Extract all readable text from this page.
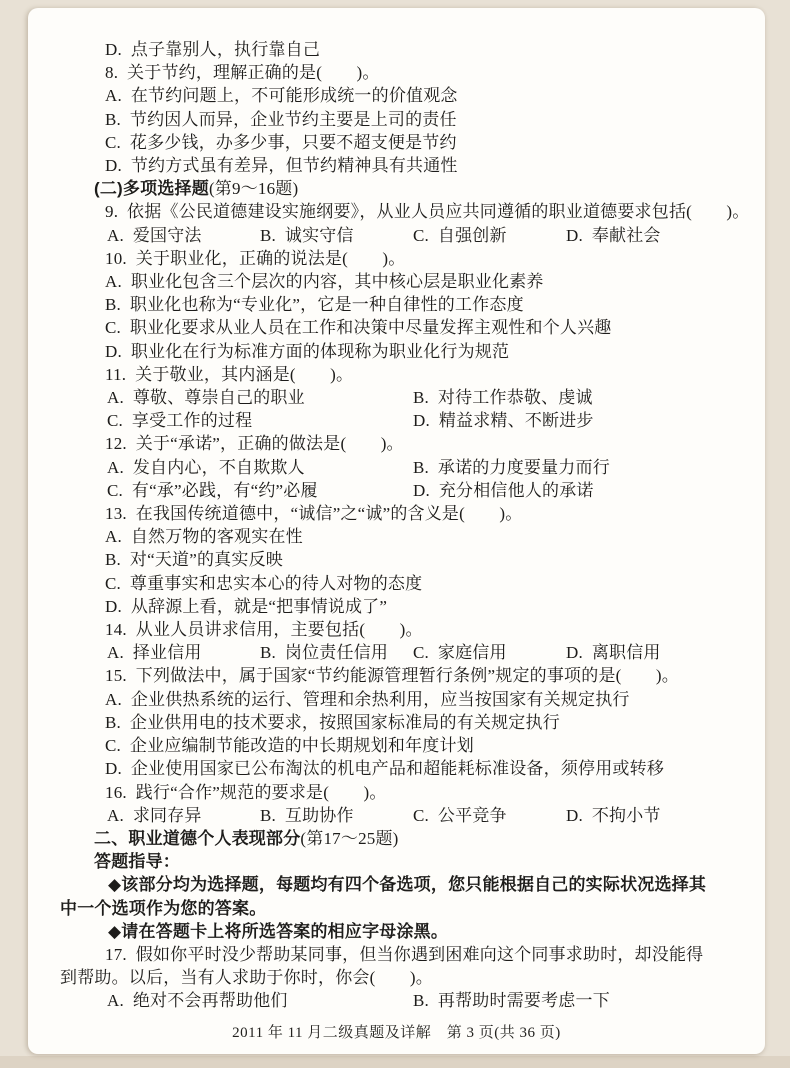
D.  点子靠别人，执行靠自己
8.  关于节约，理解正确的是(　　)。
A.  在节约问题上，不可能形成统一的价值观念
B.  节约因人而异，企业节约主要是上司的责任
C.  花多少钱，办多少事，只要不超支便是节约
D.  节约方式虽有差异，但节约精神具有共通性
(二)多项选择题(第9～16题)
9.  依据《公民道德建设实施纲要》，从业人员应共同遵循的职业道德要求包括(　　)。
A.  爱国守法	B.  诚实守信	C.  自强创新	D.  奉献社会
10.  关于职业化，正确的说法是(　　)。
A.  职业化包含三个层次的内容，其中核心层是职业化素养
B.  职业化也称为“专业化”，它是一种自律性的工作态度
C.  职业化要求从业人员在工作和决策中尽量发挥主观性和个人兴趣
D.  职业化在行为标准方面的体现称为职业化行为规范
11.  关于敬业，其内涵是(　　)。
A.  尊敬、尊崇自己的职业	B.  对待工作恭敬、虔诚
C.  享受工作的过程	D.  精益求精、不断进步
12.  关于“承诺”，正确的做法是(　　)。
A.  发自内心，不自欺欺人	B.  承诺的力度要量力而行
C.  有“承”必践，有“约”必履	D.  充分相信他人的承诺
13.  在我国传统道德中，“诚信”之“诚”的含义是(　　)。
A.  自然万物的客观实在性
B.  对“天道”的真实反映
C.  尊重事实和忠实本心的待人对物的态度
D.  从辞源上看，就是“把事情说成了”
14.  从业人员讲求信用，主要包括(　　)。
A.  择业信用	B.  岗位责任信用	C.  家庭信用	D.  离职信用
15.  下列做法中，属于国家“节约能源管理暂行条例”规定的事项的是(　　)。
A.  企业供热系统的运行、管理和余热利用，应当按国家有关规定执行
B.  企业供用电的技术要求，按照国家标准局的有关规定执行
C.  企业应编制节能改造的中长期规划和年度计划
D.  企业使用国家已公布淘汰的机电产品和超能耗标准设备，须停用或转移
16.  践行“合作”规范的要求是(　　)。
A.  求同存异	B.  互助协作	C.  公平竞争	D.  不拘小节
二、职业道德个人表现部分(第17～25题)
答题指导：
◆该部分均为选择题，每题均有四个备选项，您只能根据自己的实际状况选择其中一个选项作为您的答案。
◆请在答题卡上将所选答案的相应字母涂黑。
17.  假如你平时没少帮助某同事，但当你遇到困难向这个同事求助时，却没能得到帮助。以后，当有人求助于你时，你会(　　)。
A.  绝对不会再帮助他们	B.  再帮助时需要考虑一下
2011 年 11 月二级真题及详解　第 3 页(共 36 页)
